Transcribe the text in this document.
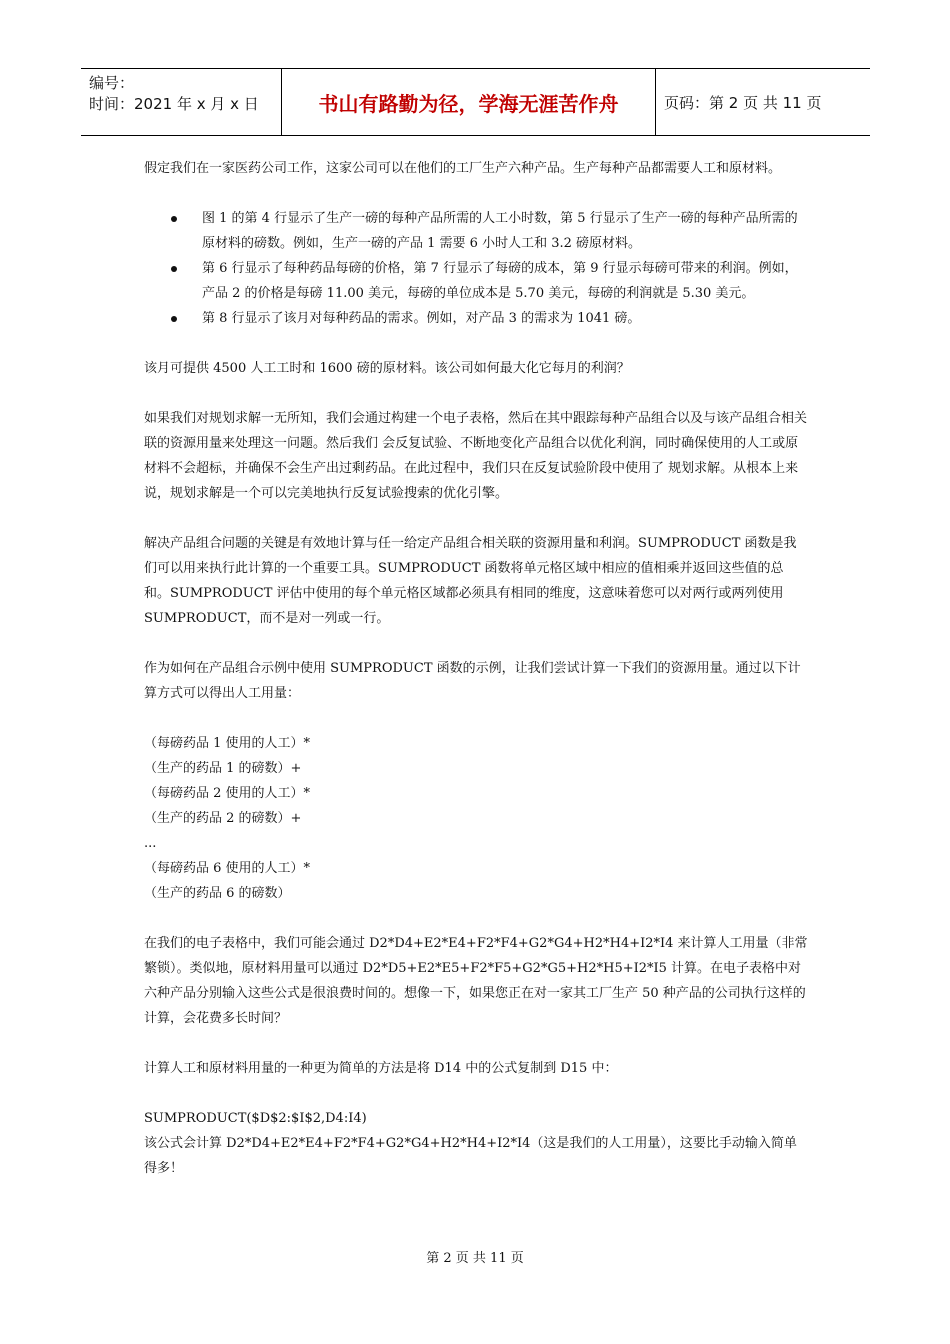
编号：
时间：2021 年 x 月 x 日	书山有路勤为径，学海无涯苦作舟	页码：第 2 页 共 11 页

假定我们在一家医药公司工作，这家公司可以在他们的工厂生产六种产品。生产每种产品都需要人工和原材料。

图 1 的第 4 行显示了生产一磅的每种产品所需的人工小时数，第 5 行显示了生产一磅的每种产品所需的原材料的磅数。例如，生产一磅的产品 1 需要 6 小时人工和 3.2 磅原材料。
第 6 行显示了每种药品每磅的价格，第 7 行显示了每磅的成本，第 9 行显示每磅可带来的利润。例如，产品 2 的价格是每磅 11.00 美元，每磅的单位成本是 5.70 美元，每磅的利润就是 5.30 美元。
第 8 行显示了该月对每种药品的需求。例如，对产品 3 的需求为 1041 磅。

该月可提供 4500 人工工时和 1600 磅的原材料。该公司如何最大化它每月的利润？

如果我们对规划求解一无所知，我们会通过构建一个电子表格，然后在其中跟踪每种产品组合以及与该产品组合相关联的资源用量来处理这一问题。然后我们 会反复试验、不断地变化产品组合以优化利润，同时确保使用的人工或原材料不会超标，并确保不会生产出过剩药品。在此过程中，我们只在反复试验阶段中使用了 规划求解。从根本上来说，规划求解是一个可以完美地执行反复试验搜索的优化引擎。

解决产品组合问题的关键是有效地计算与任一给定产品组合相关联的资源用量和利润。SUMPRODUCT 函数是我们可以用来执行此计算的一个重要工具。SUMPRODUCT 函数将单元格区域中相应的值相乘并返回这些值的总和。SUMPRODUCT 评估中使用的每个单元格区域都必须具有相同的维度，这意味着您可以对两行或两列使用 SUMPRODUCT，而不是对一列或一行。

作为如何在产品组合示例中使用 SUMPRODUCT 函数的示例，让我们尝试计算一下我们的资源用量。通过以下计算方式可以得出人工用量：

（每磅药品 1 使用的人工）*

（生产的药品 1 的磅数）+

（每磅药品 2 使用的人工）*

（生产的药品 2 的磅数）+

...

（每磅药品 6 使用的人工）*

（生产的药品 6 的磅数）

在我们的电子表格中，我们可能会通过 D2*D4+E2*E4+F2*F4+G2*G4+H2*H4+I2*I4 来计算人工用量（非常繁锁）。类似地，原材料用量可以通过 D2*D5+E2*E5+F2*F5+G2*G5+H2*H5+I2*I5 计算。在电子表格中对六种产品分别输入这些公式是很浪费时间的。想像一下，如果您正在对一家其工厂生产 50 种产品的公司执行这样的计算，会花费多长时间？

计算人工和原材料用量的一种更为简单的方法是将 D14 中的公式复制到 D15 中：

SUMPRODUCT($D$2:$I$2,D4:I4)

该公式会计算 D2*D4+E2*E4+F2*F4+G2*G4+H2*H4+I2*I4（这是我们的人工用量），这要比手动输入简单得多！

第 2 页 共 11 页
